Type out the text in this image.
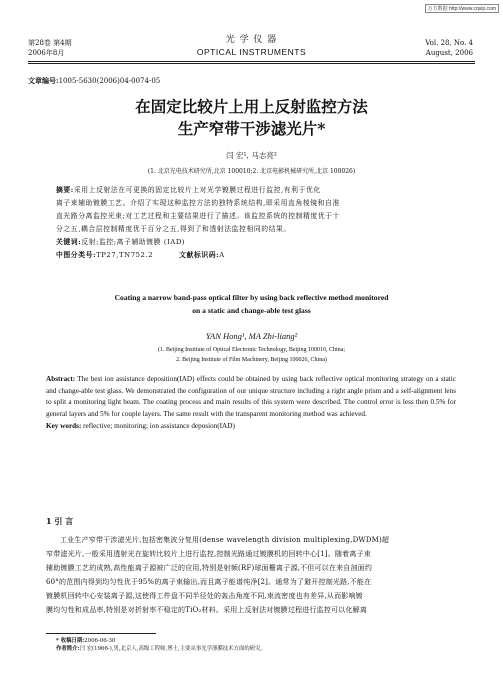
万方数据 http://www.cqvip.com
第28卷 第4期
2006年8月
光 学 仪 器
OPTICAL INSTRUMENTS
Vol. 28, No. 4
August, 2006
文章编号:1005-5630(2006)04-0074-05
在固定比较片上用上反射监控方法
生产窄带干涉滤光片*
闫 宏¹, 马志亮²
(1. 北京光电技术研究所,北京 100010;2. 北京电影机械研究所,北京 100026)
摘要:采用上反射法在可更换的固定比较片上对光学镀膜过程进行监控,有利于优化
离子束辅助镀膜工艺。介绍了实现这种监控方法的独特系统结构,即采用直角棱镜和自准
直光路分离监控光束;对工艺过程和主要结果进行了描述。该监控系统的控制精度优于十
分之五,耦合层控制精度优于百分之五,得到了和透射法监控相同的结果。
关键词:反射;监控;离子辅助镀膜 (IAD)
中图分类号:TP27,TN752.2	文献标识码:A
Coating a narrow band-pass optical filter by using back reflective method monitored
on a static and change-able test glass
YAN Hong¹, MA Zhi-liang²
(1. Beijing Institute of Optical Electronic Technology, Beijing 100010, China;
2. Beijing Institute of Film Machinery, Beijing 100026, China)
Abstract: The best ion assistance deposition(IAD) effects could be obtained by using back reflective optical monitoring strategy on a static and change-able test glass. We demonstrated the configuration of our unique structure including a right angle prism and a self-alignment lens to split a monitoring light beam. The coating process and main results of this system were described. The control error is less then 0.5% for general layers and 5% for couple layers. The same result with the transparent monitoring method was achieved.
Key words: reflective; monitoring; ion assistance deposion(IAD)
1 引 言
工业生产窄带干涉滤光片,包括密集波分复用(dense wavelength division multiplexing,DWDM)超
窄带滤光片,一般采用透射光在旋转比较片上进行监控,控制光路通过镀膜机的回转中心[1]。随着离子束
辅助镀膜工艺的成熟,高性能离子源被广泛的应用,特别是射频(RF)球面栅离子源,不但可以在来自剖面约
60°的范围内得到均匀性优于95%的离子束输出,而且离子能谱纯净[2]。通常为了避开控制光路,不能在
镀膜机回转中心安装离子源,这使得工件盘不同半径处的轰击角度不同,束流密度也有差异,从而影响镀
膜均匀性和成品率,特别是对折射率不稳定的TiO₂材料。采用上反射法对镀膜过程进行监控可以化解离
* 收稿日期:2006-06-30
作者简介:闫 宏(1966-),男,北京人,高级工程师,博士,主要从事光学薄膜技术方面的研究。
